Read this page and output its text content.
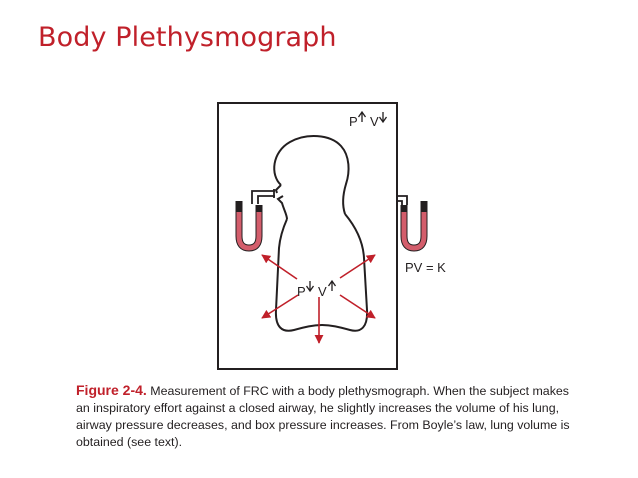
Body Plethysmograph
P V
PV = K
P V
Figure 2-4. Measurement of FRC with a body plethysmograph. When the subject makes an inspiratory effort against a closed airway, he slightly increases the volume of his lung, airway pressure decreases, and box pressure increases. From Boyle’s law, lung volume is obtained (see text).
